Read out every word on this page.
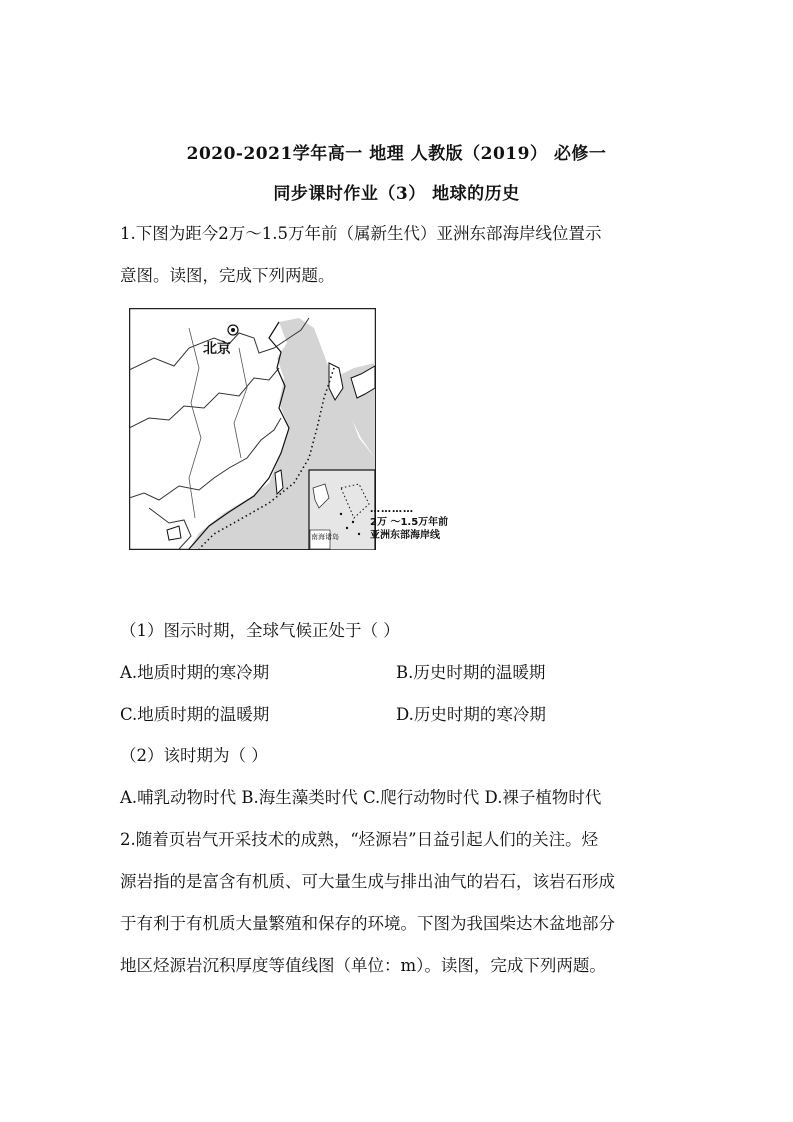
2020-2021学年高一 地理 人教版（2019） 必修一
同步课时作业（3） 地球的历史
1.下图为距今2万～1.5万年前（属新生代）亚洲东部海岸线位置示
意图。读图，完成下列两题。
北京
南海诸岛
…………
2万 ～1.5万年前
亚洲东部海岸线
（1）图示时期，全球气候正处于（ ）
A.地质时期的寒冷期	B.历史时期的温暖期
C.地质时期的温暖期	D.历史时期的寒冷期
（2）该时期为（ ）
A.哺乳动物时代 B.海生藻类时代 C.爬行动物时代 D.裸子植物时代
2.随着页岩气开采技术的成熟，“烃源岩”日益引起人们的关注。烃
源岩指的是富含有机质、可大量生成与排出油气的岩石，该岩石形成
于有利于有机质大量繁殖和保存的环境。下图为我国柴达木盆地部分
地区烃源岩沉积厚度等值线图（单位：m）。读图，完成下列两题。
